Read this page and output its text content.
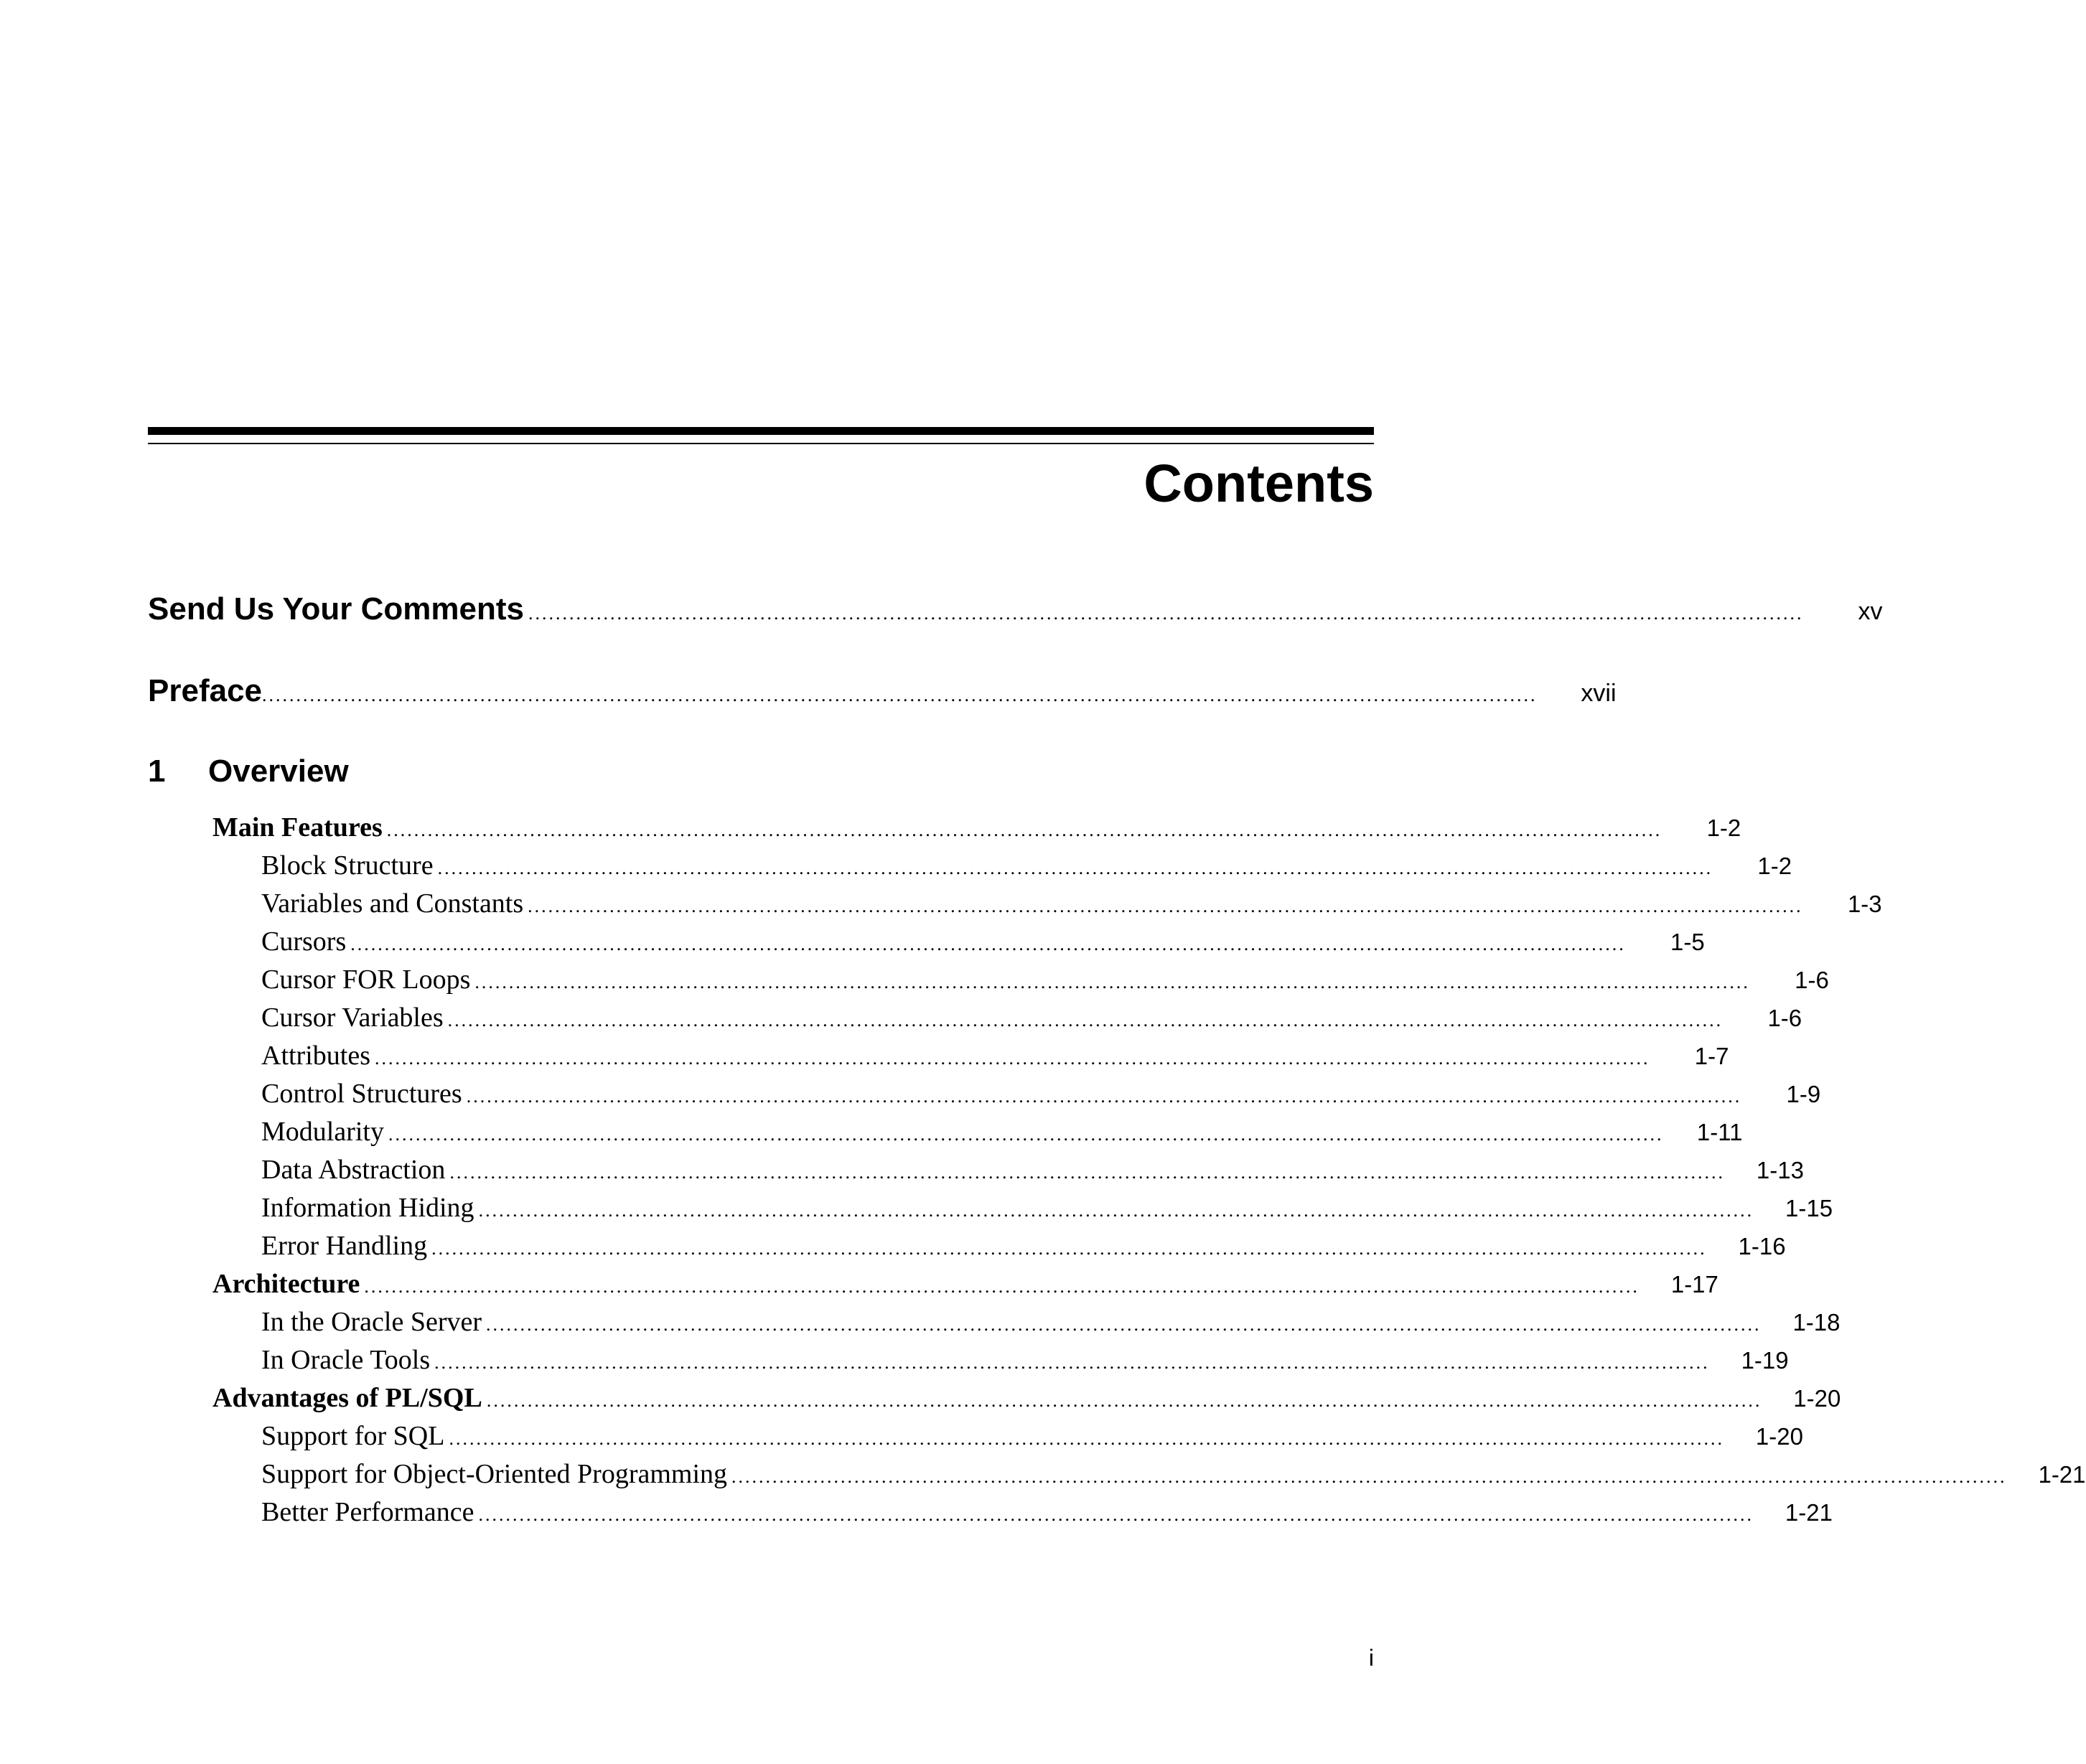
Contents
Send Us Your Comments ...........................................................................................................................................................................................	xv
Preface ...........................................................................................................................................................................................	xvii
1 Overview
Main Features ...........................................................................................................................................................................................	1-2
Block Structure ...........................................................................................................................................................................................	1-2
Variables and Constants ...........................................................................................................................................................................................	1-3
Cursors ...........................................................................................................................................................................................	1-5
Cursor FOR Loops ...........................................................................................................................................................................................	1-6
Cursor Variables ...........................................................................................................................................................................................	1-6
Attributes ...........................................................................................................................................................................................	1-7
Control Structures ...........................................................................................................................................................................................	1-9
Modularity ...........................................................................................................................................................................................	1-11
Data Abstraction ...........................................................................................................................................................................................	1-13
Information Hiding ...........................................................................................................................................................................................	1-15
Error Handling ...........................................................................................................................................................................................	1-16
Architecture ...........................................................................................................................................................................................	1-17
In the Oracle Server ...........................................................................................................................................................................................	1-18
In Oracle Tools ...........................................................................................................................................................................................	1-19
Advantages of PL/SQL ...........................................................................................................................................................................................	1-20
Support for SQL ...........................................................................................................................................................................................	1-20
Support for Object-Oriented Programming ...........................................................................................................................................................................................	1-21
Better Performance ...........................................................................................................................................................................................	1-21
i
